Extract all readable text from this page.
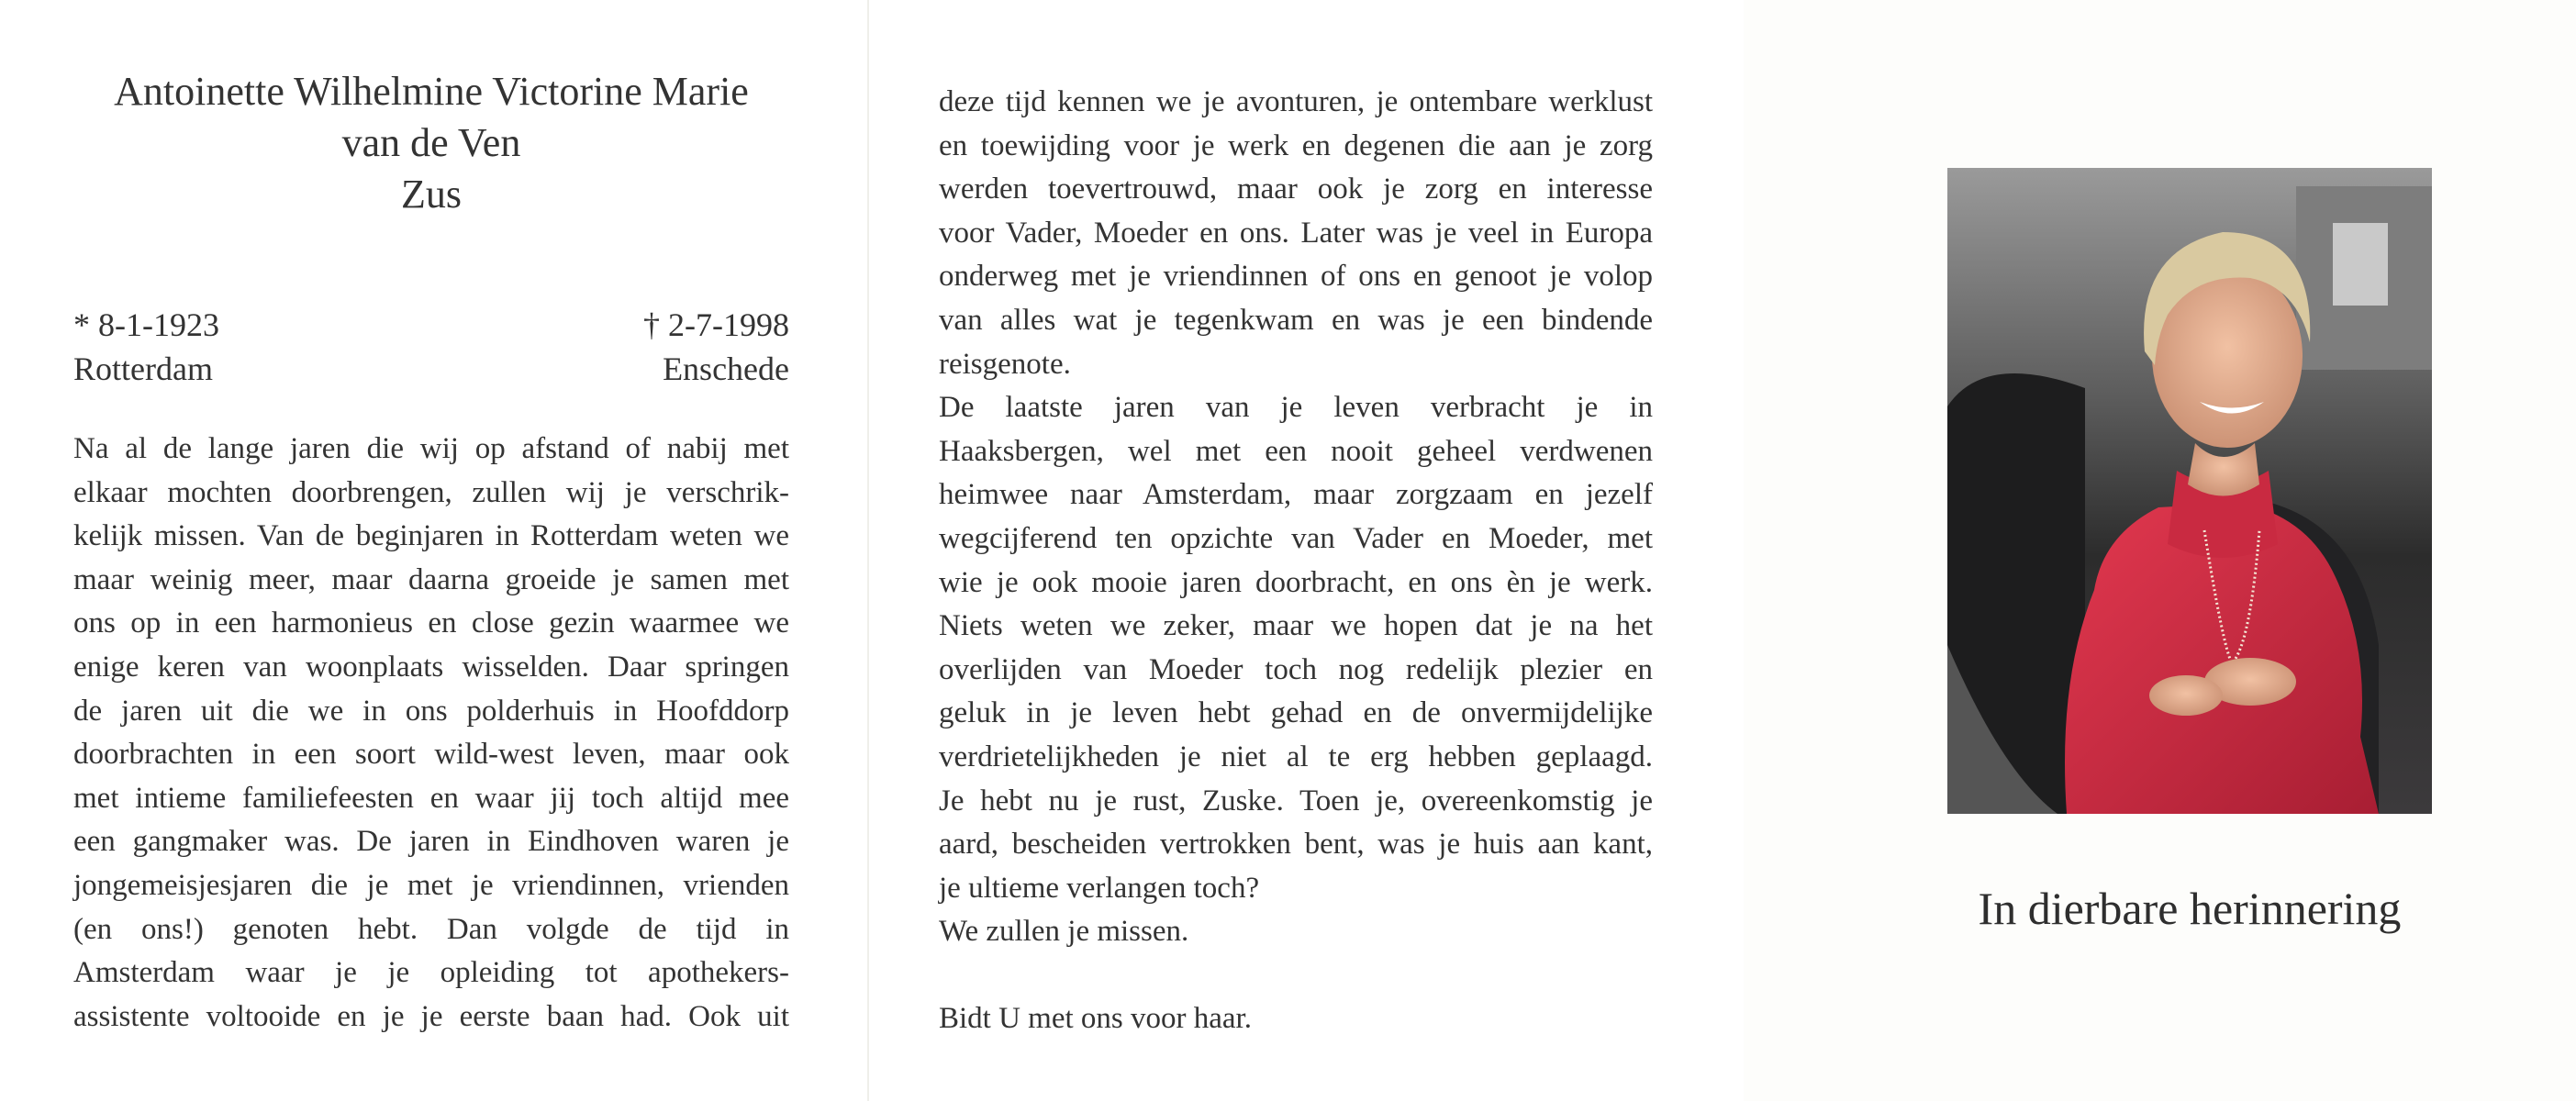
Antoinette Wilhelmine Victorine Marie
van de Ven
Zus
* 8-1-1923	† 2-7-1998
Rotterdam	Enschede
Na al de lange jaren die wij op afstand of nabij met
elkaar mochten doorbrengen, zullen wij je verschrik-
kelijk missen. Van de beginjaren in Rotterdam weten we
maar weinig meer, maar daarna groeide je samen met
ons op in een harmonieus en close gezin waarmee we
enige keren van woonplaats wisselden. Daar springen
de jaren uit die we in ons polderhuis in Hoofddorp
doorbrachten in een soort wild-west leven, maar ook
met intieme familiefeesten en waar jij toch altijd mee
een gangmaker was. De jaren in Eindhoven waren je
jongemeisjesjaren die je met je vriendinnen, vrienden
(en ons!) genoten hebt. Dan volgde de tijd in
Amsterdam waar je je opleiding tot apothekers-
assistente voltooide en je je eerste baan had. Ook uit
deze tijd kennen we je avonturen, je ontembare werklust
en toewijding voor je werk en degenen die aan je zorg
werden toevertrouwd, maar ook je zorg en interesse
voor Vader, Moeder en ons. Later was je veel in Europa
onderweg met je vriendinnen of ons en genoot je volop
van alles wat je tegenkwam en was je een bindende
reisgenote.
De laatste jaren van je leven verbracht je in
Haaksbergen, wel met een nooit geheel verdwenen
heimwee naar Amsterdam, maar zorgzaam en jezelf
wegcijferend ten opzichte van Vader en Moeder, met
wie je ook mooie jaren doorbracht, en ons èn je werk.
Niets weten we zeker, maar we hopen dat je na het
overlijden van Moeder toch nog redelijk plezier en
geluk in je leven hebt gehad en de onvermijdelijke
verdrietelijkheden je niet al te erg hebben geplaagd.
Je hebt nu je rust, Zuske. Toen je, overeenkomstig je
aard, bescheiden vertrokken bent, was je huis aan kant,
je ultieme verlangen toch?
We zullen je missen.
Bidt U met ons voor haar.
In dierbare herinnering
